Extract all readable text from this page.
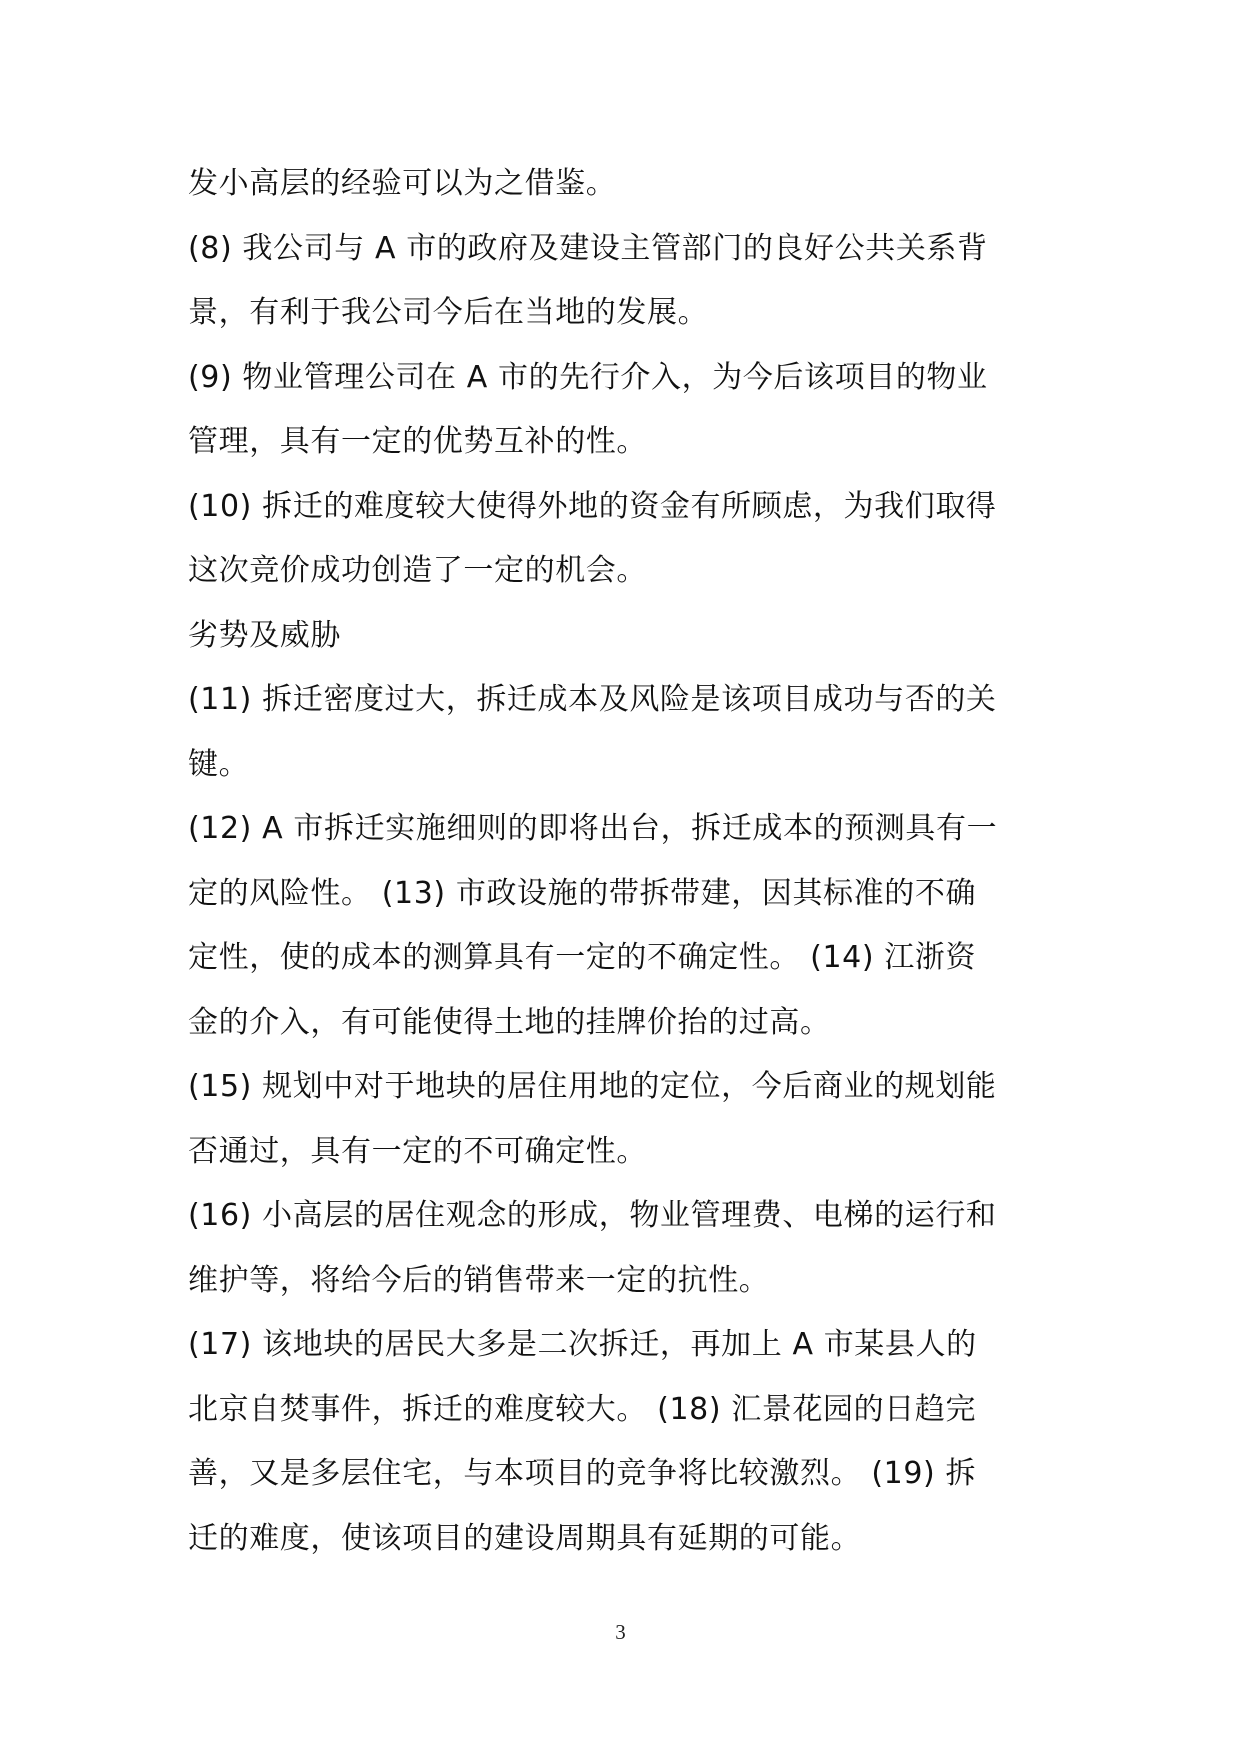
发小高层的经验可以为之借鉴。
(8) 我公司与 A 市的政府及建设主管部门的良好公共关系背
景，有利于我公司今后在当地的发展。
(9) 物业管理公司在 A 市的先行介入，为今后该项目的物业
管理，具有一定的优势互补的性。
(10) 拆迁的难度较大使得外地的资金有所顾虑，为我们取得
这次竞价成功创造了一定的机会。
劣势及威胁
(11) 拆迁密度过大，拆迁成本及风险是该项目成功与否的关
键。
(12) A 市拆迁实施细则的即将出台，拆迁成本的预测具有一
定的风险性。 (13) 市政设施的带拆带建，因其标准的不确
定性，使的成本的测算具有一定的不确定性。 (14) 江浙资
金的介入，有可能使得土地的挂牌价抬的过高。
(15) 规划中对于地块的居住用地的定位，今后商业的规划能
否通过，具有一定的不可确定性。
(16) 小高层的居住观念的形成，物业管理费、电梯的运行和
维护等，将给今后的销售带来一定的抗性。
(17) 该地块的居民大多是二次拆迁，再加上 A 市某县人的
北京自焚事件，拆迁的难度较大。 (18) 汇景花园的日趋完
善，又是多层住宅，与本项目的竞争将比较激烈。 (19) 拆
迁的难度，使该项目的建设周期具有延期的可能。
3
